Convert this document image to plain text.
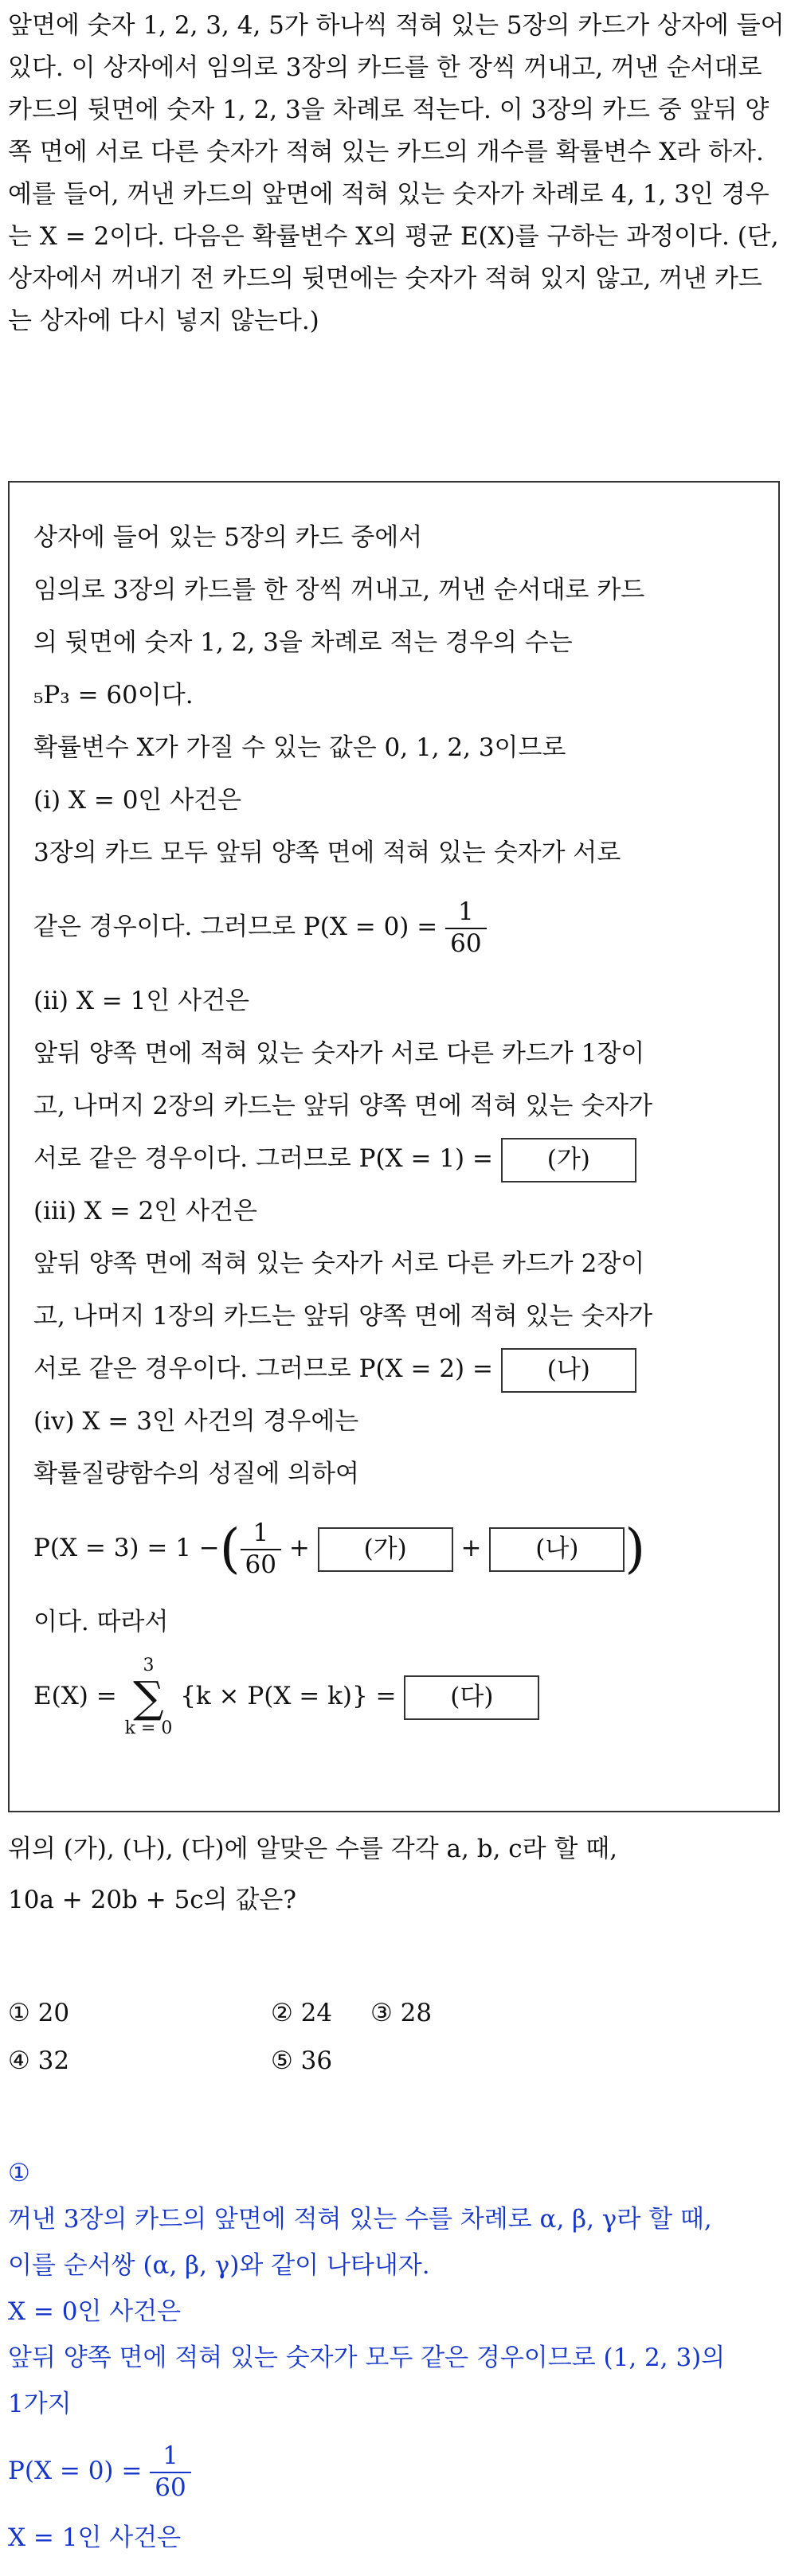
앞면에 숫자 1, 2, 3, 4, 5가 하나씩 적혀 있는 5장의 카드가 상자에 들어 있다. 이 상자에서 임의로 3장의 카드를 한 장씩 꺼내고, 꺼낸 순서대로 카드의 뒷면에 숫자 1, 2, 3을 차례로 적는다. 이 3장의 카드 중 앞뒤 양쪽 면에 서로 다른 숫자가 적혀 있는 카드의 개수를 확률변수 X라 하자. 예를 들어, 꺼낸 카드의 앞면에 적혀 있는 숫자가 차례로 4, 1, 3인 경우는 X = 2이다. 다음은 확률변수 X의 평균 E(X)를 구하는 과정이다. (단, 상자에서 꺼내기 전 카드의 뒷면에는 숫자가 적혀 있지 않고, 꺼낸 카드는 상자에 다시 넣지 않는다.)
상자에 들어 있는 5장의 카드 중에서
임의로 3장의 카드를 한 장씩 꺼내고, 꺼낸 순서대로 카드
의 뒷면에 숫자 1, 2, 3을 차례로 적는 경우의 수는
₅P₃ = 60이다.
확률변수 X가 가질 수 있는 값은 0, 1, 2, 3이므로
(ⅰ) X = 0인 사건은
3장의 카드 모두 앞뒤 양쪽 면에 적혀 있는 숫자가 서로
같은 경우이다. 그러므로 $P(X = 0) = \frac{1}{60}$
(ⅱ) X = 1인 사건은
앞뒤 양쪽 면에 적혀 있는 숫자가 서로 다른 카드가 1장이
고, 나머지 2장의 카드는 앞뒤 양쪽 면에 적혀 있는 숫자가
서로 같은 경우이다. 그러므로 P(X = 1) = (가)
(ⅲ) X = 2인 사건은
앞뒤 양쪽 면에 적혀 있는 숫자가 서로 다른 카드가 2장이
고, 나머지 1장의 카드는 앞뒤 양쪽 면에 적혀 있는 숫자가
서로 같은 경우이다. 그러므로 P(X = 2) = (나)
(ⅳ) X = 3인 사건의 경우에는
확률질량함수의 성질에 의하여
P(X = 3) = 1 −( $\frac{1}{60}$ + (가) + (나) )
이다. 따라서
E(X) =
3
∑
k = 0
{k × P(X = k)} = (다)
위의 (가), (나), (다)에 알맞은 수를 각각 a, b, c라 할 때,
10a + 20b + 5c의 값은?
① 20	② 24 ③ 28
④ 32	⑤ 36
①
꺼낸 3장의 카드의 앞면에 적혀 있는 수를 차례로 α, β, γ라 할 때,
이를 순서쌍 (α, β, γ)와 같이 나타내자.
X = 0인 사건은
앞뒤 양쪽 면에 적혀 있는 숫자가 모두 같은 경우이므로 (1, 2, 3)의
1가지
$P(X = 0) = \frac{1}{60}$
X = 1인 사건은
